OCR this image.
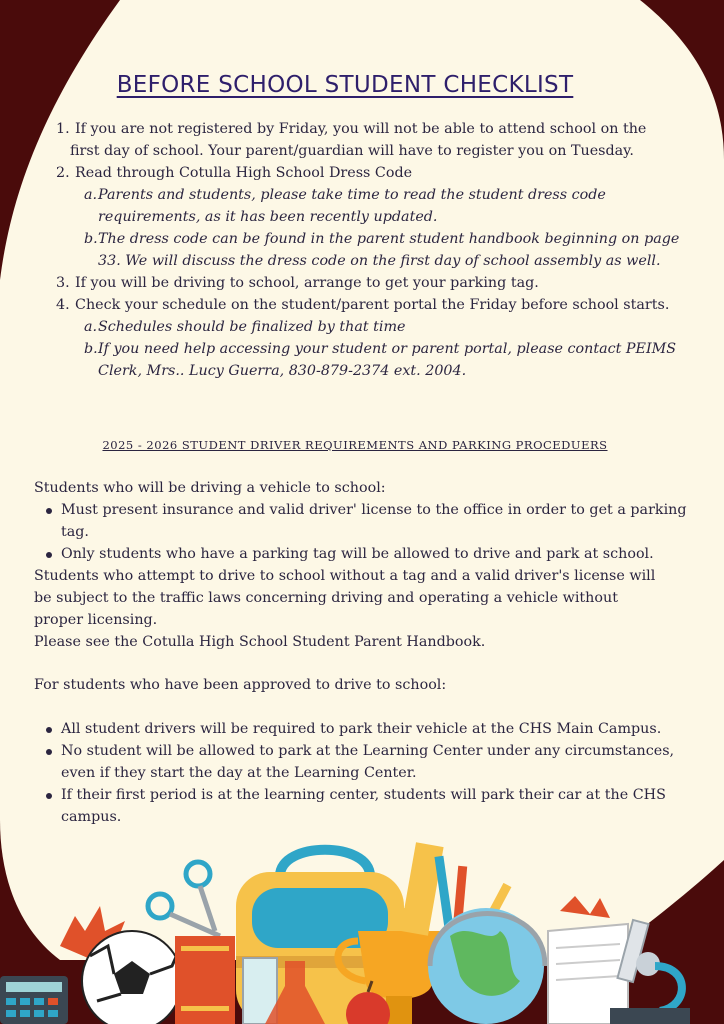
BEFORE SCHOOL STUDENT CHECKLIST
1. If you are not registered by Friday, you will not be able to attend school on the
first day of school. Your parent/guardian will have to register you on Tuesday.
2. Read through Cotulla High School Dress Code
a. Parents and students, please take time to read the student dress code requirements, as it has been recently updated.
b. The dress code can be found in the parent student handbook beginning on page 33. We will discuss the dress code on the first day of school assembly as well.
3. If you will be driving to school, arrange to get your parking tag.
4. Check your schedule on the student/parent portal the Friday before school starts.
a. Schedules should be finalized by that time
b. If you need help accessing your student or parent portal, please contact PEIMS Clerk, Mrs.. Lucy Guerra, 830-879-2374 ext. 2004.
2025 - 2026 STUDENT DRIVER REQUIREMENTS AND PARKING PROCEDUERS
Students who will be driving a vehicle to school:
Must present insurance and valid driver' license to the office in order to get a parking tag.
Only students who have a parking tag will be allowed to drive and park at school.
Students who attempt to drive to school without a tag and a valid driver's license will
be subject to the traffic laws concerning driving and operating a vehicle without
proper licensing.
Please see the Cotulla High School Student Parent Handbook.
For students who have been approved to drive to school:
All student drivers will be required to park their vehicle at the CHS Main Campus.
No student will be allowed to park at the Learning Center under any circumstances, even if they start the day at the Learning Center.
If their first period is at the learning center, students will park their car at the CHS campus.
